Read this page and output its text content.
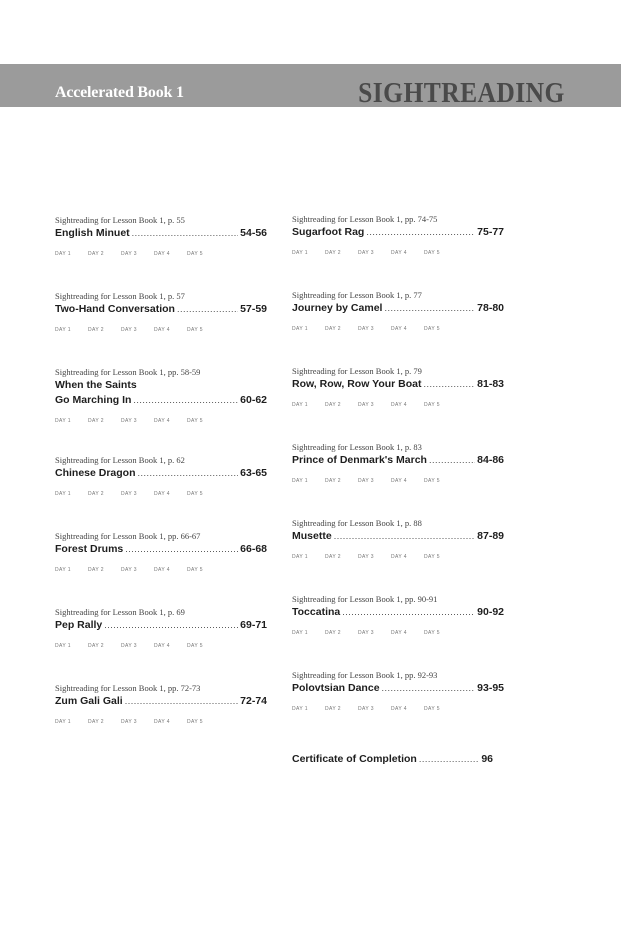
Accelerated Book 1	SIGHTREADING
Sightreading for Lesson Book 1, p. 55
English Minuet .....	54-56
DAY 1	DAY 2	DAY 3	DAY 4	DAY 5
Sightreading for Lesson Book 1, p. 57
Two-Hand Conversation .....	57-59
DAY 1	DAY 2	DAY 3	DAY 4	DAY 5
Sightreading for Lesson Book 1, pp. 58-59
When the Saints
Go Marching In .....	60-62
DAY 1	DAY 2	DAY 3	DAY 4	DAY 5
Sightreading for Lesson Book 1, p. 62
Chinese Dragon .....	63-65
DAY 1	DAY 2	DAY 3	DAY 4	DAY 5
Sightreading for Lesson Book 1, pp. 66-67
Forest Drums .....	66-68
DAY 1	DAY 2	DAY 3	DAY 4	DAY 5
Sightreading for Lesson Book 1, p. 69
Pep Rally .....	69-71
DAY 1	DAY 2	DAY 3	DAY 4	DAY 5
Sightreading for Lesson Book 1, pp. 72-73
Zum Gali Gali .....	72-74
DAY 1	DAY 2	DAY 3	DAY 4	DAY 5
Sightreading for Lesson Book 1, pp. 74-75
Sugarfoot Rag .....	75-77
DAY 1	DAY 2	DAY 3	DAY 4	DAY 5
Sightreading for Lesson Book 1, p. 77
Journey by Camel .....	78-80
DAY 1	DAY 2	DAY 3	DAY 4	DAY 5
Sightreading for Lesson Book 1, p. 79
Row, Row, Row Your Boat .....	81-83
DAY 1	DAY 2	DAY 3	DAY 4	DAY 5
Sightreading for Lesson Book 1, p. 83
Prince of Denmark's March .....	84-86
DAY 1	DAY 2	DAY 3	DAY 4	DAY 5
Sightreading for Lesson Book 1, p. 88
Musette .....	87-89
DAY 1	DAY 2	DAY 3	DAY 4	DAY 5
Sightreading for Lesson Book 1, pp. 90-91
Toccatina .....	90-92
DAY 1	DAY 2	DAY 3	DAY 4	DAY 5
Sightreading for Lesson Book 1, pp. 92-93
Polovtsian Dance .....	93-95
DAY 1	DAY 2	DAY 3	DAY 4	DAY 5
Certificate of Completion .....	96
